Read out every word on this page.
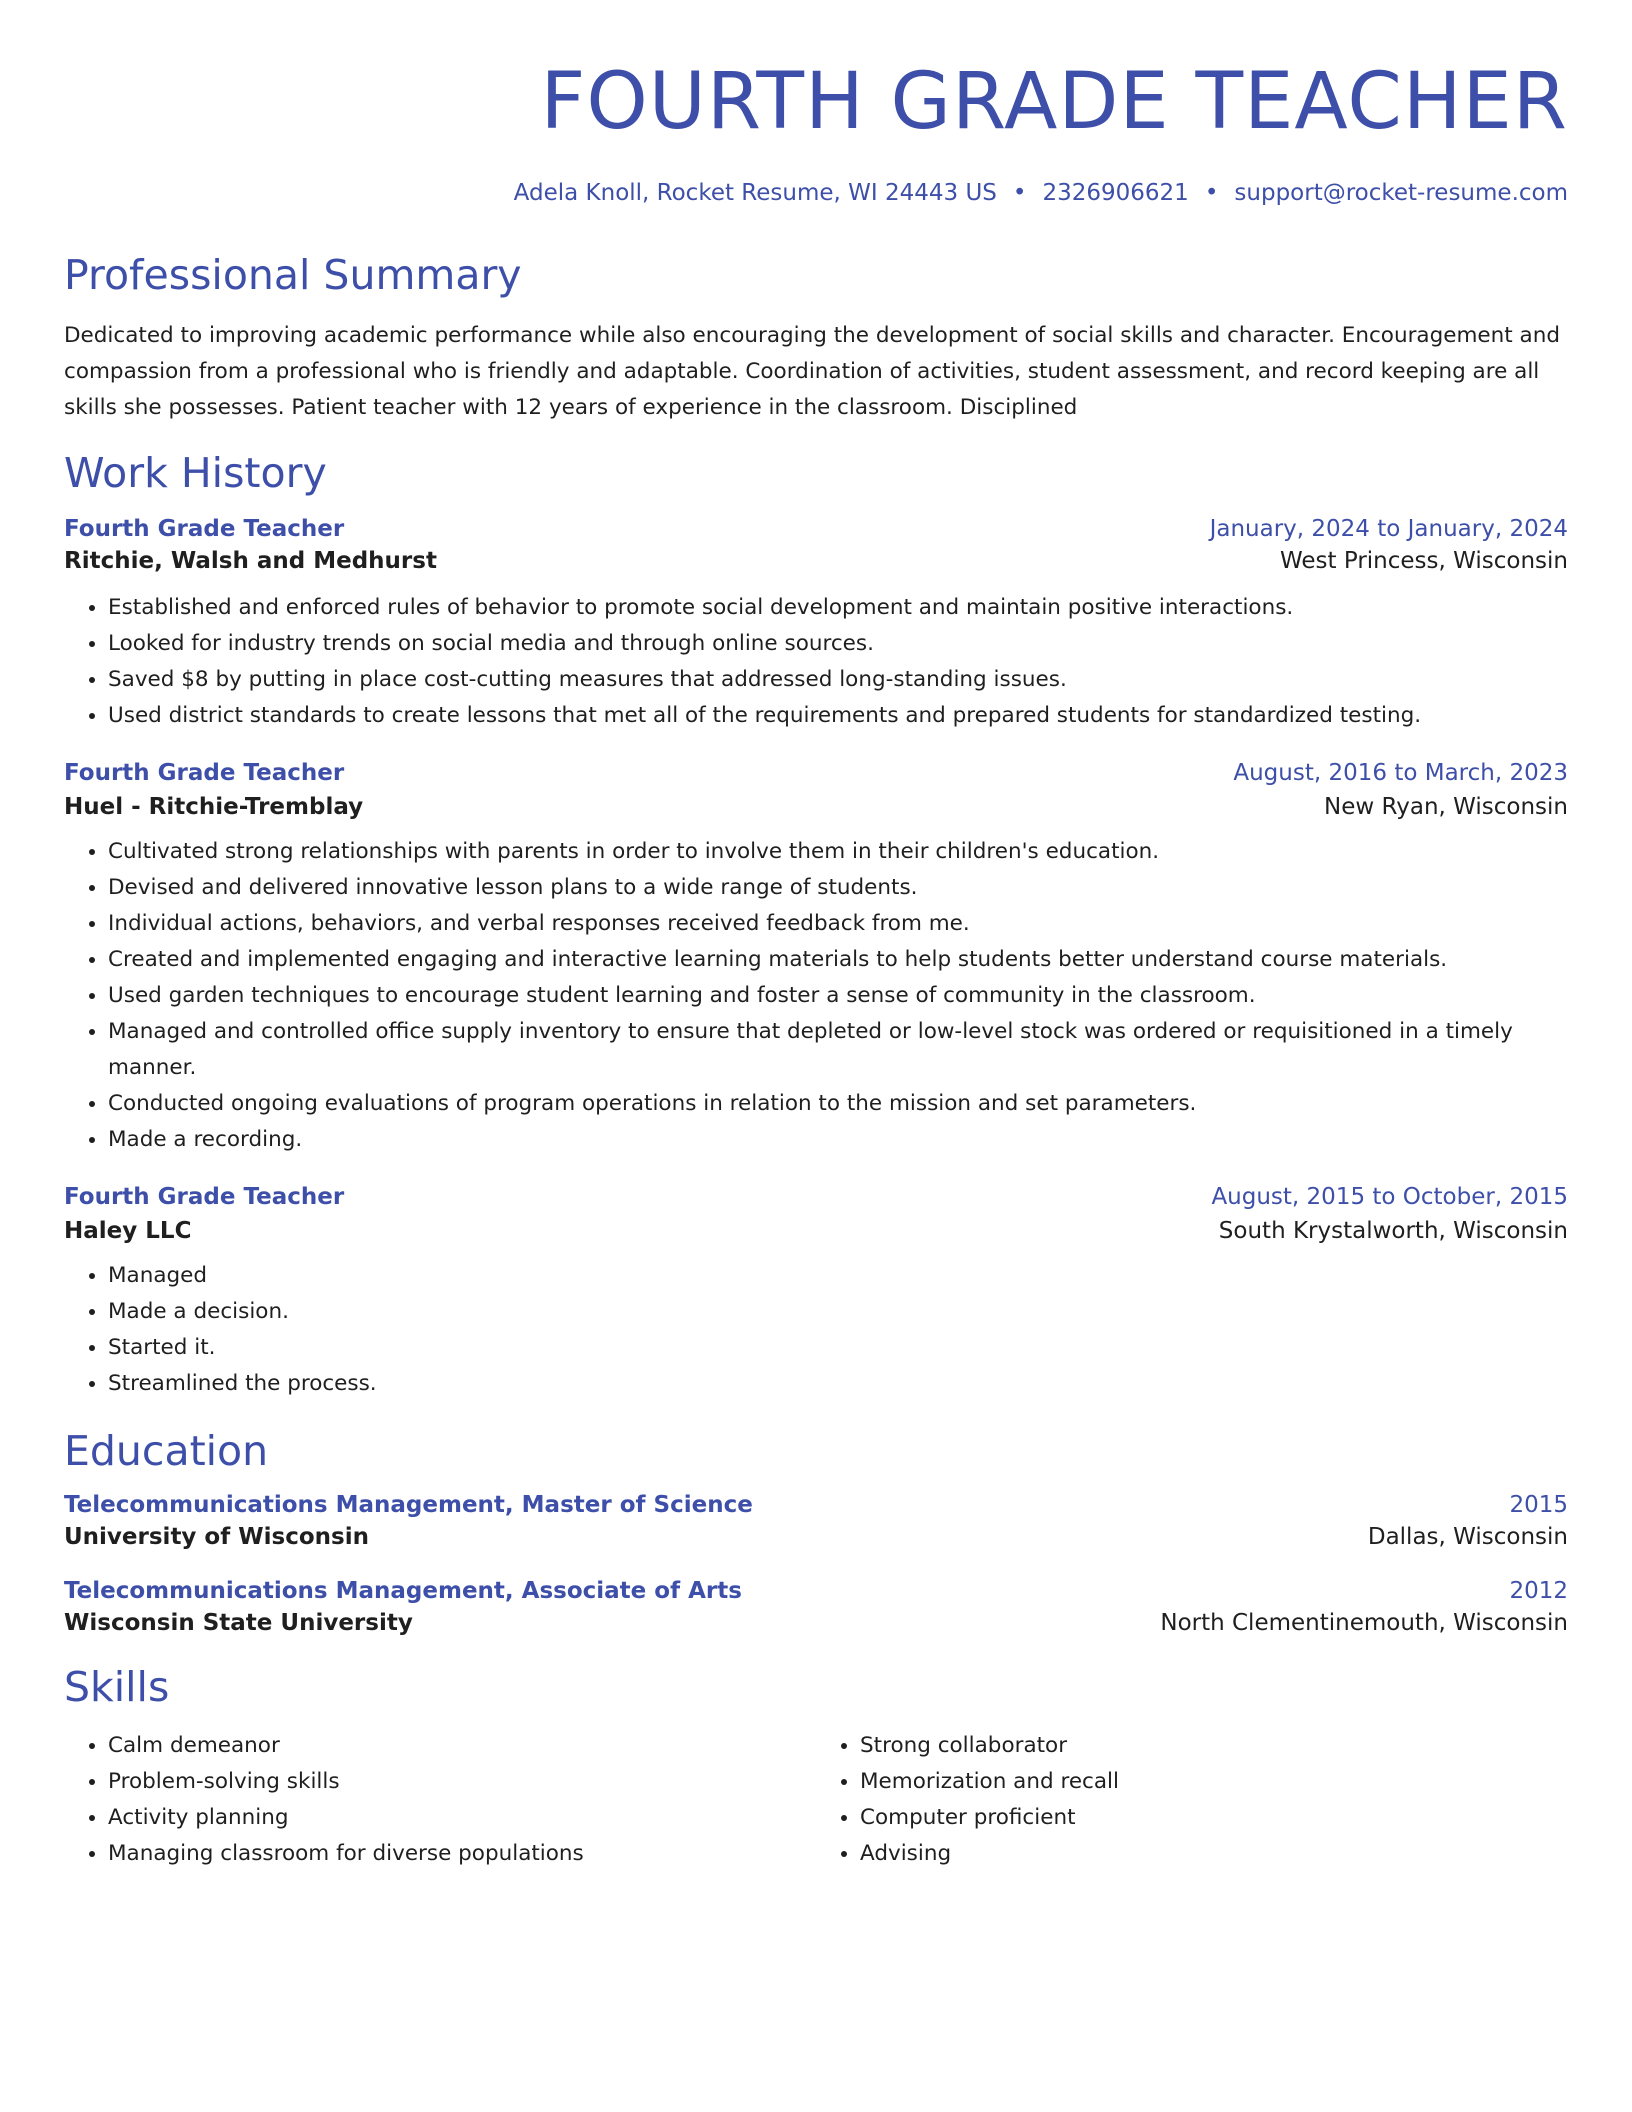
FOURTH GRADE TEACHER
Adela Knoll, Rocket Resume, WI 24443 US • 2326906621 • support@rocket-resume.com
Professional Summary
Dedicated to improving academic performance while also encouraging the development of social skills and character. Encouragement and compassion from a professional who is friendly and adaptable. Coordination of activities, student assessment, and record keeping are all skills she possesses. Patient teacher with 12 years of experience in the classroom. Disciplined
Work History
Fourth Grade Teacher	January, 2024 to January, 2024
Ritchie, Walsh and Medhurst	West Princess, Wisconsin
• Established and enforced rules of behavior to promote social development and maintain positive interactions.
• Looked for industry trends on social media and through online sources.
• Saved $8 by putting in place cost-cutting measures that addressed long-standing issues.
• Used district standards to create lessons that met all of the requirements and prepared students for standardized testing.
Fourth Grade Teacher	August, 2016 to March, 2023
Huel - Ritchie-Tremblay	New Ryan, Wisconsin
• Cultivated strong relationships with parents in order to involve them in their children's education.
• Devised and delivered innovative lesson plans to a wide range of students.
• Individual actions, behaviors, and verbal responses received feedback from me.
• Created and implemented engaging and interactive learning materials to help students better understand course materials.
• Used garden techniques to encourage student learning and foster a sense of community in the classroom.
• Managed and controlled office supply inventory to ensure that depleted or low-level stock was ordered or requisitioned in a timely manner.
• Conducted ongoing evaluations of program operations in relation to the mission and set parameters.
• Made a recording.
Fourth Grade Teacher	August, 2015 to October, 2015
Haley LLC	South Krystalworth, Wisconsin
• Managed
• Made a decision.
• Started it.
• Streamlined the process.
Education
Telecommunications Management, Master of Science	2015
University of Wisconsin	Dallas, Wisconsin
Telecommunications Management, Associate of Arts	2012
Wisconsin State University	North Clementinemouth, Wisconsin
Skills
• Calm demeanor
• Problem-solving skills
• Activity planning
• Managing classroom for diverse populations
• Strong collaborator
• Memorization and recall
• Computer proficient
• Advising
